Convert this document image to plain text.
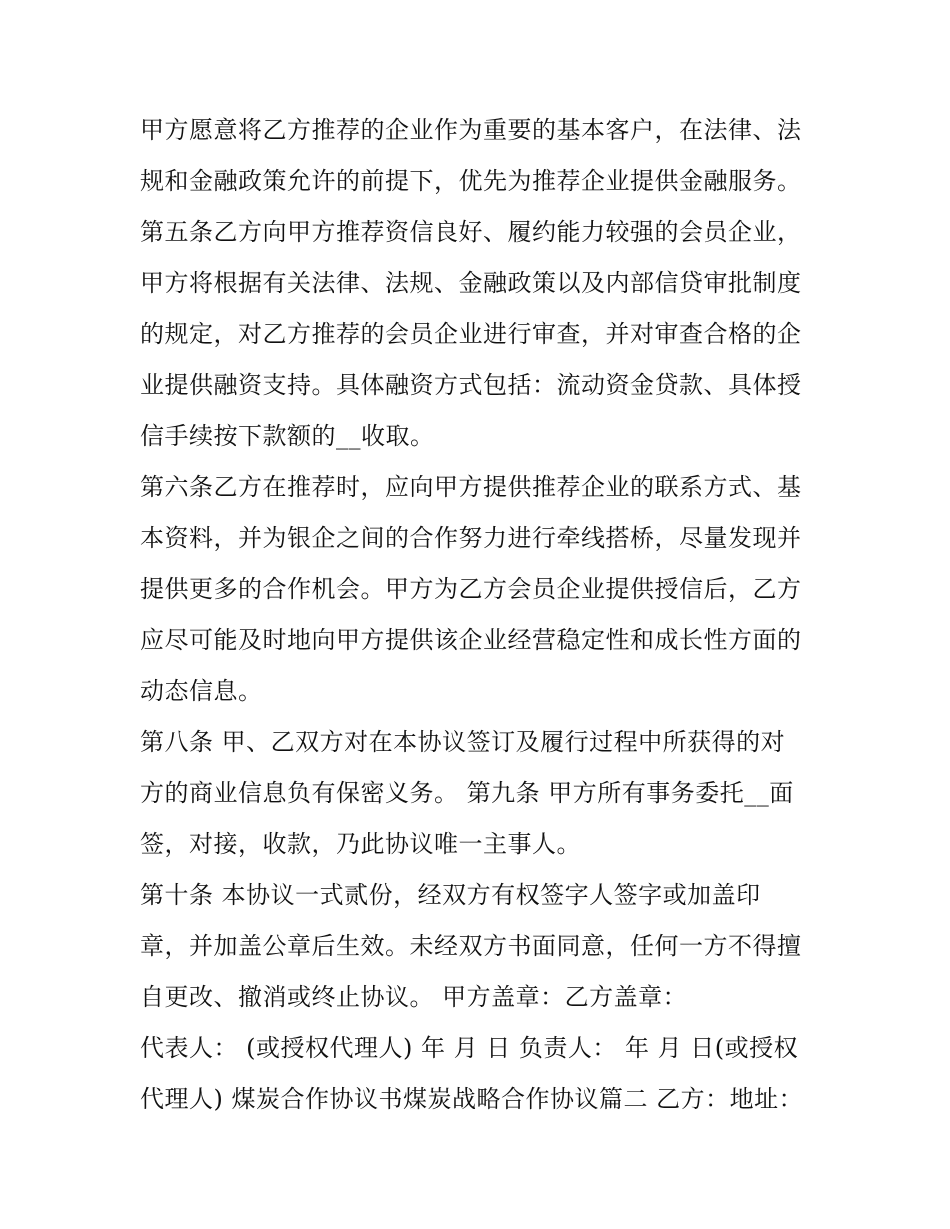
甲方愿意将乙方推荐的企业作为重要的基本客户，在法律、法
规和金融政策允许的前提下，优先为推荐企业提供金融服务。
第五条乙方向甲方推荐资信良好、履约能力较强的会员企业，
甲方将根据有关法律、法规、金融政策以及内部信贷审批制度
的规定，对乙方推荐的会员企业进行审查，并对审查合格的企
业提供融资支持。具体融资方式包括：流动资金贷款、具体授
信手续按下款额的__收取。
第六条乙方在推荐时，应向甲方提供推荐企业的联系方式、基
本资料，并为银企之间的合作努力进行牵线搭桥，尽量发现并
提供更多的合作机会。甲方为乙方会员企业提供授信后，乙方
应尽可能及时地向甲方提供该企业经营稳定性和成长性方面的
动态信息。
第八条 甲、乙双方对在本协议签订及履行过程中所获得的对
方的商业信息负有保密义务。 第九条 甲方所有事务委托__面
签，对接，收款，乃此协议唯一主事人。
第十条 本协议一式贰份，经双方有权签字人签字或加盖印
章，并加盖公章后生效。未经双方书面同意，任何一方不得擅
自更改、撤消或终止协议。 甲方盖章：乙方盖章：
代表人： (或授权代理人) 年 月 日 负责人： 年 月 日(或授权
代理人) 煤炭合作协议书煤炭战略合作协议篇二 乙方：地址：
